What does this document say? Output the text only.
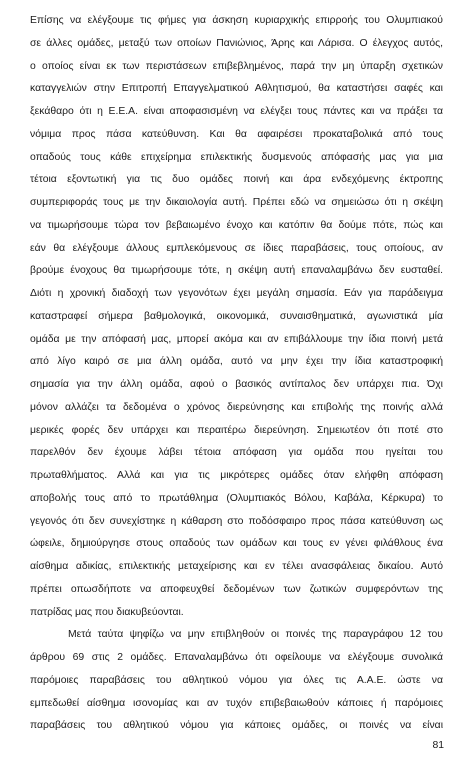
Επίσης να ελέγξουμε τις φήμες για άσκηση κυριαρχικής επιρροής του Ολυμπιακού
σε άλλες ομάδες, μεταξύ των οποίων Πανιώνιος, Άρης και Λάρισα. Ο έλεγχος αυτός,
ο οποίος είναι εκ των περιστάσεων επιβεβλημένος, παρά την μη ύπαρξη σχετικών
καταγγελιών στην Επιτροπή Επαγγελματικού Αθλητισμού, θα καταστήσει σαφές και
ξεκάθαρο ότι η Ε.Ε.Α. είναι αποφασισμένη να ελέγξει τους πάντες και να πράξει τα
νόμιμα προς πάσα κατεύθυνση. Και θα αφαιρέσει προκαταβολικά από τους
οπαδούς τους κάθε επιχείρημα επιλεκτικής δυσμενούς απόφασής μας για μια
τέτοια εξοντωτική για τις δυο ομάδες ποινή και άρα ενδεχόμενης έκτροπης
συμπεριφοράς τους με την δικαιολογία αυτή. Πρέπει εδώ να σημειώσω ότι η σκέψη
να τιμωρήσουμε τώρα τον βεβαιωμένο ένοχο και κατόπιν θα δούμε πότε, πώς και
εάν θα ελέγξουμε άλλους εμπλεκόμενους σε ίδιες παραβάσεις, τους οποίους, αν
βρούμε ένοχους θα τιμωρήσουμε τότε, η σκέψη αυτή επαναλαμβάνω δεν ευσταθεί.
Διότι η χρονική διαδοχή των γεγονότων έχει μεγάλη σημασία. Εάν για παράδειγμα
καταστραφεί σήμερα βαθμολογικά, οικονομικά, συναισθηματικά, αγωνιστικά μία
ομάδα με την απόφασή μας, μπορεί ακόμα και αν επιβάλλουμε την ίδια ποινή μετά
από λίγο καιρό σε μια άλλη ομάδα, αυτό να μην έχει την ίδια καταστροφική
σημασία για την άλλη ομάδα, αφού ο βασικός αντίπαλος δεν υπάρχει πια. Όχι
μόνον αλλάζει τα δεδομένα ο χρόνος διερεύνησης και επιβολής της ποινής αλλά
μερικές φορές δεν υπάρχει και περαιτέρω διερεύνηση. Σημειωτέον ότι ποτέ στο
παρελθόν δεν έχουμε λάβει τέτοια απόφαση για ομάδα που ηγείται του
πρωταθλήματος. Αλλά και για τις μικρότερες ομάδες όταν ελήφθη απόφαση
αποβολής τους από το πρωτάθλημα (Ολυμπιακός Βόλου, Καβάλα, Κέρκυρα) το
γεγονός ότι δεν συνεχίστηκε η κάθαρση στο ποδόσφαιρο προς πάσα κατεύθυνση ως
ώφειλε, δημιούργησε στους οπαδούς των ομάδων και τους εν γένει φιλάθλους ένα
αίσθημα αδικίας, επιλεκτικής μεταχείρισης και εν τέλει ανασφάλειας δικαίου. Αυτό
πρέπει οπωσδήποτε να αποφευχθεί δεδομένων των ζωτικών συμφερόντων της
πατρίδας μας που διακυβεύονται.
Μετά ταύτα ψηφίζω να μην επιβληθούν οι ποινές της παραγράφου 12 του
άρθρου 69 στις 2 ομάδες. Επαναλαμβάνω ότι οφείλουμε να ελέγξουμε συνολικά
παρόμοιες παραβάσεις του αθλητικού νόμου για όλες τις Α.Α.Ε. ώστε να
εμπεδωθεί αίσθημα ισονομίας και αν τυχόν επιβεβαιωθούν κάποιες ή παρόμοιες
παραβάσεις του αθλητικού νόμου για κάποιες ομάδες, οι ποινές να είναι
81
